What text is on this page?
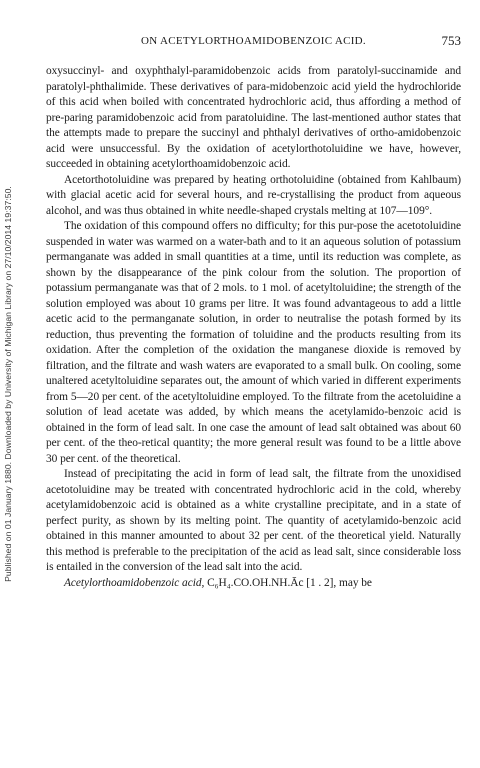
Published on 01 January 1880. Downloaded by University of Michigan Library on 27/10/2014 19:37:50.
ON ACETYLORTHOAMIDOBENZOIC ACID.	753

oxysuccinyl- and oxyphthalyl-paramidobenzoic acids from paratolyl-succinamide and paratolyl-phthalimide. These derivatives of para-midobenzoic acid yield the hydrochloride of this acid when boiled with concentrated hydrochloric acid, thus affording a method of pre-paring paramidobenzoic acid from paratoluidine. The last-mentioned author states that the attempts made to prepare the succinyl and phthalyl derivatives of ortho-amidobenzoic acid were unsuccessful. By the oxidation of acetylorthotoluidine we have, however, succeeded in obtaining acetylorthoamidobenzoic acid.

Acetorthotoluidine was prepared by heating orthotoluidine (obtained from Kahlbaum) with glacial acetic acid for several hours, and re-crystallising the product from aqueous alcohol, and was thus obtained in white needle-shaped crystals melting at 107—109°.

The oxidation of this compound offers no difficulty; for this pur-pose the acetotoluidine suspended in water was warmed on a water-bath and to it an aqueous solution of potassium permanganate was added in small quantities at a time, until its reduction was complete, as shown by the disappearance of the pink colour from the solution. The proportion of potassium permanganate was that of 2 mols. to 1 mol. of acetyltoluidine; the strength of the solution employed was about 10 grams per litre. It was found advantageous to add a little acetic acid to the permanganate solution, in order to neutralise the potash formed by its reduction, thus preventing the formation of toluidine and the products resulting from its oxidation. After the completion of the oxidation the manganese dioxide is removed by filtration, and the filtrate and wash waters are evaporated to a small bulk. On cooling, some unaltered acetyltoluidine separates out, the amount of which varied in different experiments from 5—20 per cent. of the acetyltoluidine employed. To the filtrate from the acetoluidine a solution of lead acetate was added, by which means the acetylamido-benzoic acid is obtained in the form of lead salt. In one case the amount of lead salt obtained was about 60 per cent. of the theo-retical quantity; the more general result was found to be a little above 30 per cent. of the theoretical.

Instead of precipitating the acid in form of lead salt, the filtrate from the unoxidised acetotoluidine may be treated with concentrated hydrochloric acid in the cold, whereby acetylamidobenzoic acid is obtained as a white crystalline precipitate, and in a state of perfect purity, as shown by its melting point. The quantity of acetylamido-benzoic acid obtained in this manner amounted to about 32 per cent. of the theoretical yield. Naturally this method is preferable to the precipitation of the acid as lead salt, since considerable loss is entailed in the conversion of the lead salt into the acid.

Acetylorthoamidobenzoic acid, C₆H₄.CO.OH.NH.Āc [1 . 2], may be
